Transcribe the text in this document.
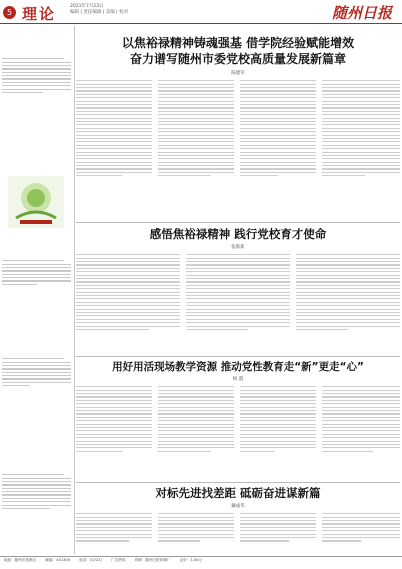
5 理论	2021年7月23日
编辑 | 责任编辑 | 美编 | 校对	随州日报
以焦裕禄精神铸魂强基 借学院经验赋能增效
奋力谱写随州市委党校高质量发展新篇章
陈建军
感悟焦裕禄精神 践行党校育才使命
张新新
用好用活现场教学资源 推动党性教育走“新”更走“心”
杨 霞
对标先进找差距 砥砺奋进谋新篇
戴成华
地址：随州市曾都区	邮编：441300	电话：(0722)	广告热线	印刷：随州日报印刷厂	定价：1.00元
